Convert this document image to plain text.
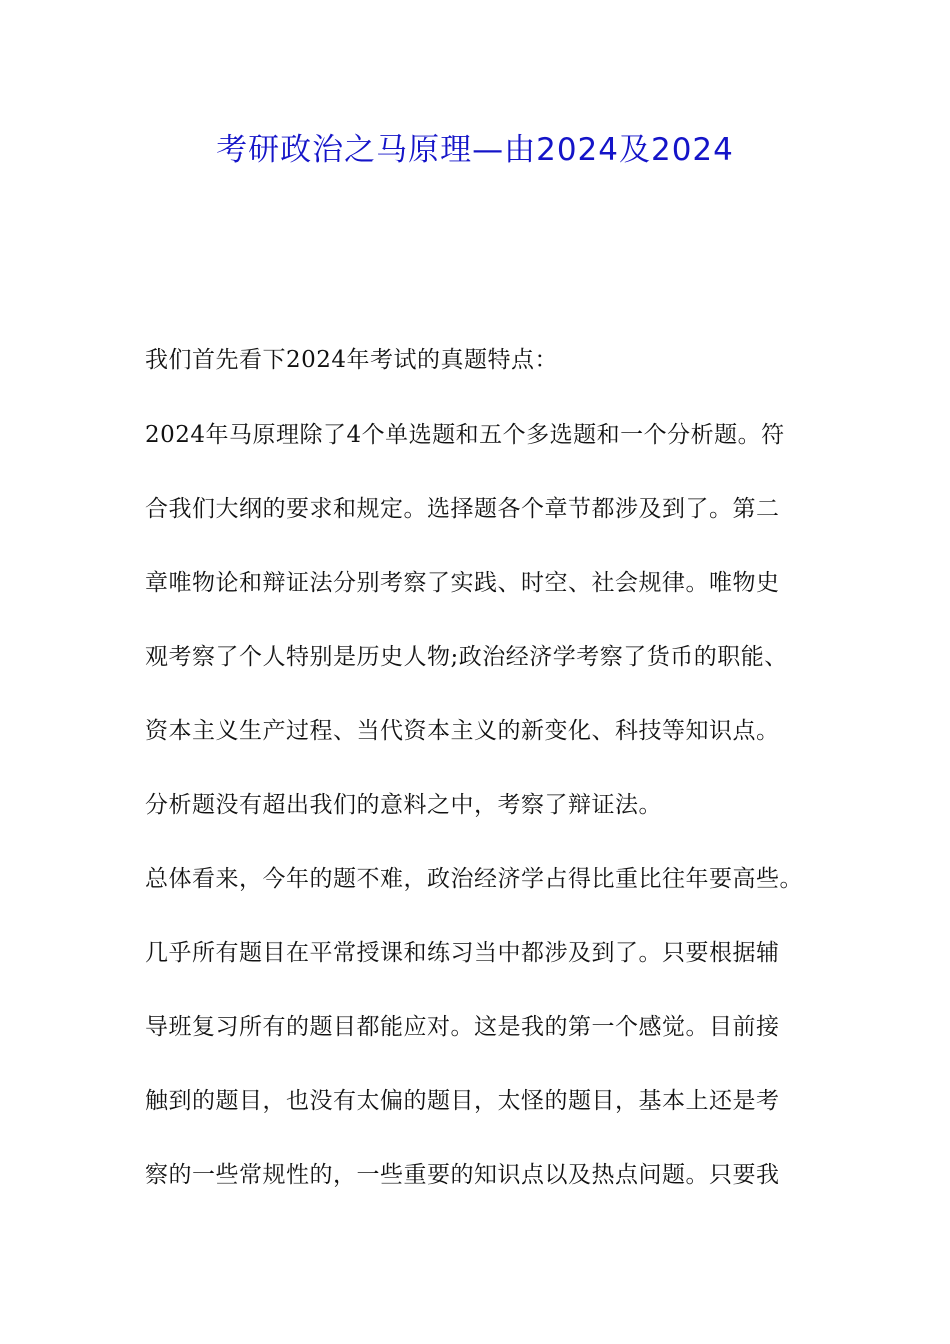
考研政治之马原理—由2024及2024
我们首先看下2024年考试的真题特点：
2024年马原理除了4个单选题和五个多选题和一个分析题。符
合我们大纲的要求和规定。选择题各个章节都涉及到了。第二
章唯物论和辩证法分别考察了实践、时空、社会规律。唯物史
观考察了个人特别是历史人物;政治经济学考察了货币的职能、
资本主义生产过程、当代资本主义的新变化、科技等知识点。
分析题没有超出我们的意料之中，考察了辩证法。
总体看来，今年的题不难，政治经济学占得比重比往年要高些。
几乎所有题目在平常授课和练习当中都涉及到了。只要根据辅
导班复习所有的题目都能应对。这是我的第一个感觉。目前接
触到的题目，也没有太偏的题目，太怪的题目，基本上还是考
察的一些常规性的，一些重要的知识点以及热点问题。只要我
